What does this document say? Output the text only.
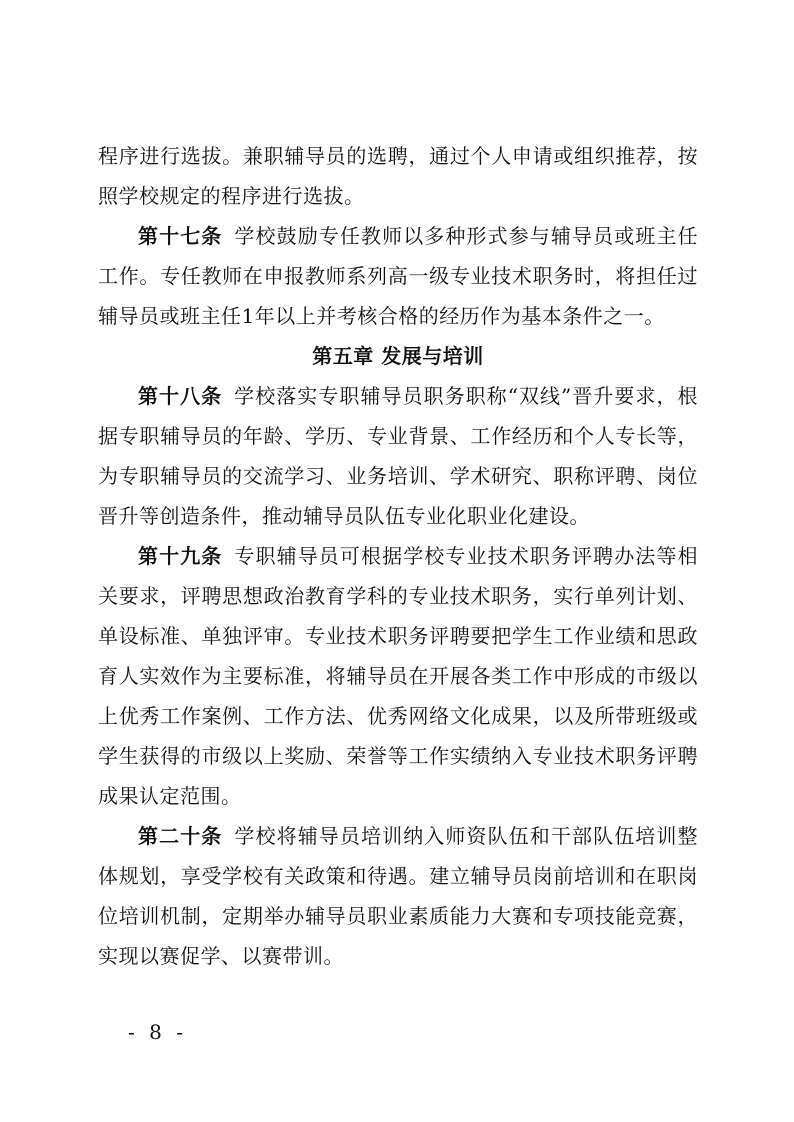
程序进行选拔。兼职辅导员的选聘，通过个人申请或组织推荐，按照学校规定的程序进行选拔。

第十七条 学校鼓励专任教师以多种形式参与辅导员或班主任工作。专任教师在申报教师系列高一级专业技术职务时，将担任过辅导员或班主任1年以上并考核合格的经历作为基本条件之一。

第五章 发展与培训

第十八条 学校落实专职辅导员职务职称“双线”晋升要求，根据专职辅导员的年龄、学历、专业背景、工作经历和个人专长等，为专职辅导员的交流学习、业务培训、学术研究、职称评聘、岗位晋升等创造条件，推动辅导员队伍专业化职业化建设。

第十九条 专职辅导员可根据学校专业技术职务评聘办法等相关要求，评聘思想政治教育学科的专业技术职务，实行单列计划、单设标准、单独评审。专业技术职务评聘要把学生工作业绩和思政育人实效作为主要标准，将辅导员在开展各类工作中形成的市级以上优秀工作案例、工作方法、优秀网络文化成果，以及所带班级或学生获得的市级以上奖励、荣誉等工作实绩纳入专业技术职务评聘成果认定范围。

第二十条 学校将辅导员培训纳入师资队伍和干部队伍培训整体规划，享受学校有关政策和待遇。建立辅导员岗前培训和在职岗位培训机制，定期举办辅导员职业素质能力大赛和专项技能竞赛，实现以赛促学、以赛带训。

- 8 -
